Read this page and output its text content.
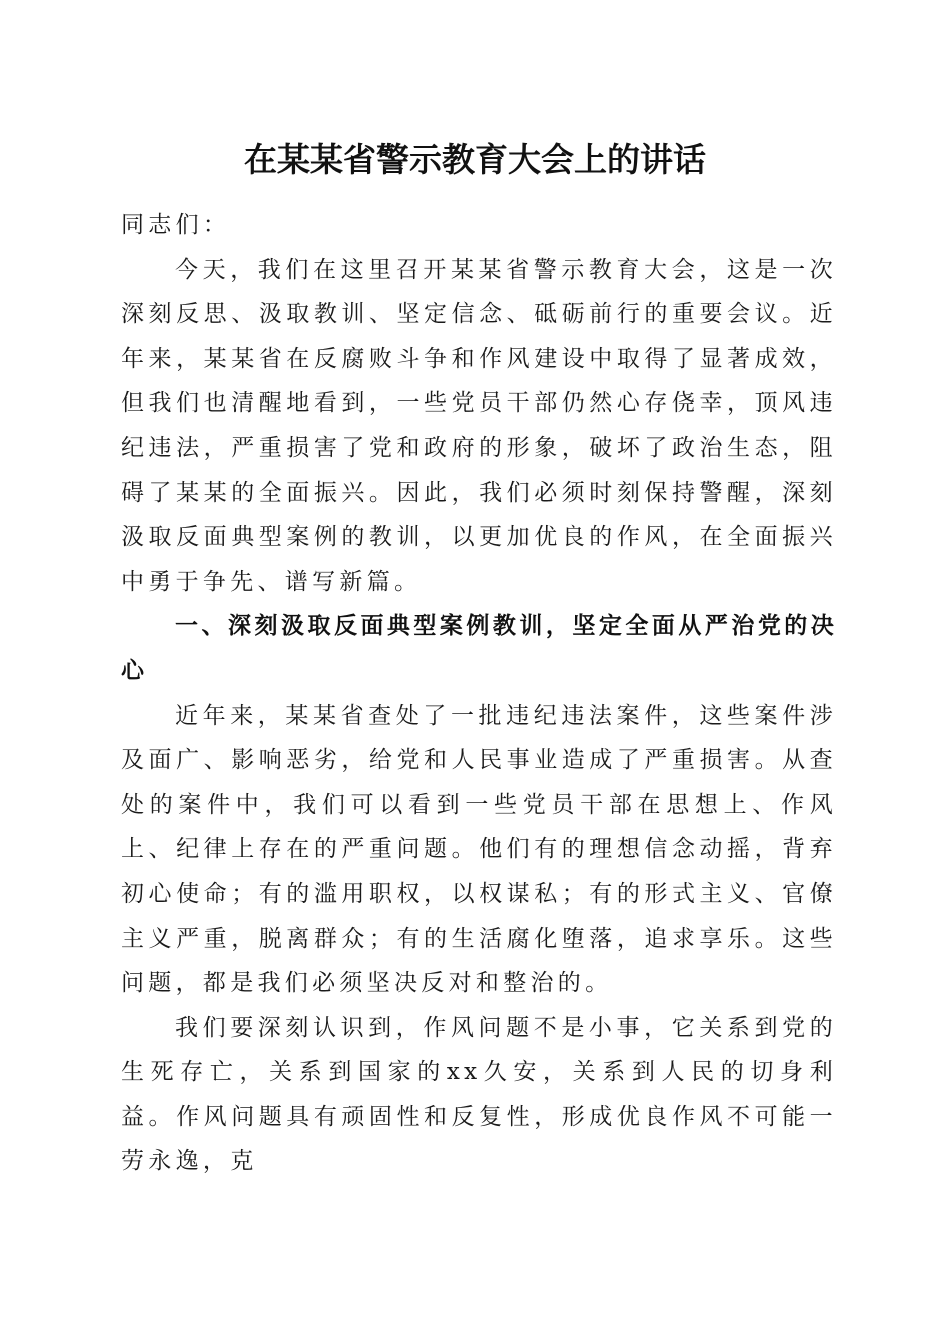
在某某省警示教育大会上的讲话

同志们：

今天，我们在这里召开某某省警示教育大会，这是一次深刻反思、汲取教训、坚定信念、砥砺前行的重要会议。近年来，某某省在反腐败斗争和作风建设中取得了显著成效，但我们也清醒地看到，一些党员干部仍然心存侥幸，顶风违纪违法，严重损害了党和政府的形象，破坏了政治生态，阻碍了某某的全面振兴。因此，我们必须时刻保持警醒，深刻汲取反面典型案例的教训，以更加优良的作风，在全面振兴中勇于争先、谱写新篇。

一、深刻汲取反面典型案例教训，坚定全面从严治党的决心

近年来，某某省查处了一批违纪违法案件，这些案件涉及面广、影响恶劣，给党和人民事业造成了严重损害。从查处的案件中，我们可以看到一些党员干部在思想上、作风上、纪律上存在的严重问题。他们有的理想信念动摇，背弃初心使命；有的滥用职权，以权谋私；有的形式主义、官僚主义严重，脱离群众；有的生活腐化堕落，追求享乐。这些问题，都是我们必须坚决反对和整治的。

我们要深刻认识到，作风问题不是小事，它关系到党的生死存亡，关系到国家的xx久安，关系到人民的切身利益。作风问题具有顽固性和反复性，形成优良作风不可能一劳永逸，克
